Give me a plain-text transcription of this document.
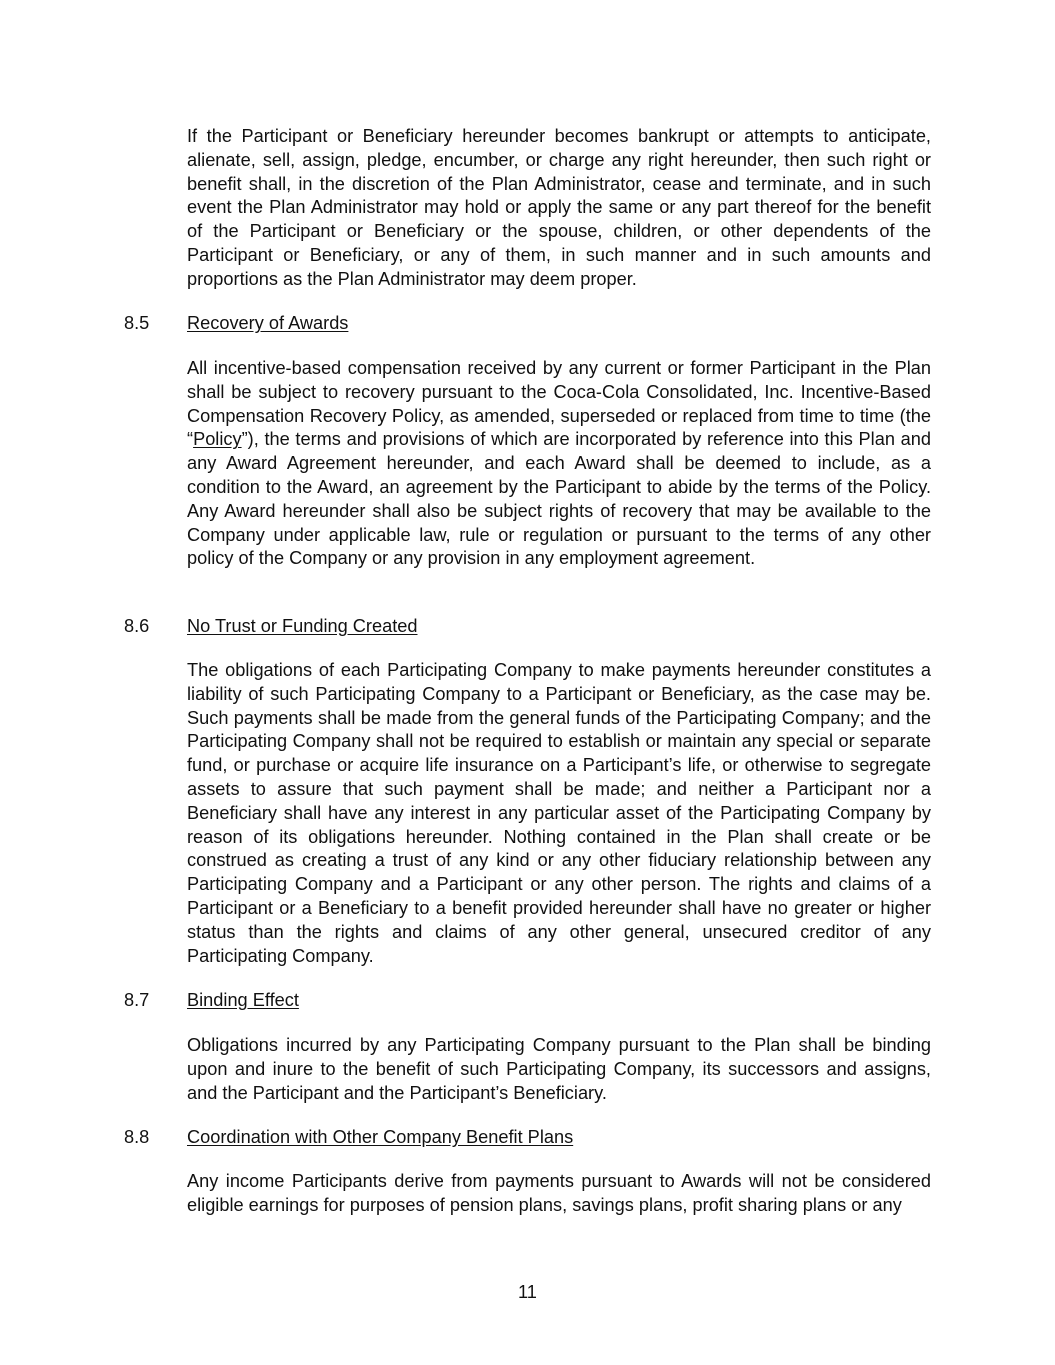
If the Participant or Beneficiary hereunder becomes bankrupt or attempts to anticipate, alienate, sell, assign, pledge, encumber, or charge any right hereunder, then such right or benefit shall, in the discretion of the Plan Administrator, cease and terminate, and in such event the Plan Administrator may hold or apply the same or any part thereof for the benefit of the Participant or Beneficiary or the spouse, children, or other dependents of the Participant or Beneficiary, or any of them, in such manner and in such amounts and proportions as the Plan Administrator may deem proper.

8.5 Recovery of Awards

All incentive-based compensation received by any current or former Participant in the Plan shall be subject to recovery pursuant to the Coca-Cola Consolidated, Inc. Incentive-Based Compensation Recovery Policy, as amended, superseded or replaced from time to time (the “Policy”), the terms and provisions of which are incorporated by reference into this Plan and any Award Agreement hereunder, and each Award shall be deemed to include, as a condition to the Award, an agreement by the Participant to abide by the terms of the Policy. Any Award hereunder shall also be subject rights of recovery that may be available to the Company under applicable law, rule or regulation or pursuant to the terms of any other policy of the Company or any provision in any employment agreement.

8.6 No Trust or Funding Created

The obligations of each Participating Company to make payments hereunder constitutes a liability of such Participating Company to a Participant or Beneficiary, as the case may be. Such payments shall be made from the general funds of the Participating Company; and the Participating Company shall not be required to establish or maintain any special or separate fund, or purchase or acquire life insurance on a Participant’s life, or otherwise to segregate assets to assure that such payment shall be made; and neither a Participant nor a Beneficiary shall have any interest in any particular asset of the Participating Company by reason of its obligations hereunder. Nothing contained in the Plan shall create or be construed as creating a trust of any kind or any other fiduciary relationship between any Participating Company and a Participant or any other person. The rights and claims of a Participant or a Beneficiary to a benefit provided hereunder shall have no greater or higher status than the rights and claims of any other general, unsecured creditor of any Participating Company.

8.7 Binding Effect

Obligations incurred by any Participating Company pursuant to the Plan shall be binding upon and inure to the benefit of such Participating Company, its successors and assigns, and the Participant and the Participant’s Beneficiary.

8.8 Coordination with Other Company Benefit Plans

Any income Participants derive from payments pursuant to Awards will not be considered eligible earnings for purposes of pension plans, savings plans, profit sharing plans or any

11
